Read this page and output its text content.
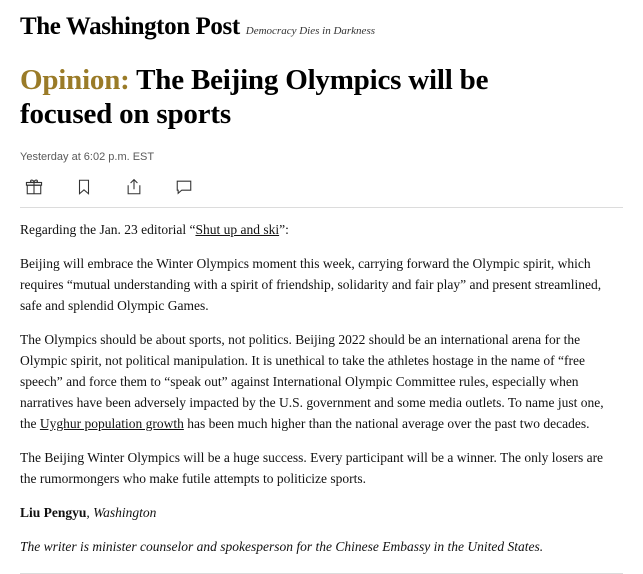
The Washington Post Democracy Dies in Darkness
Opinion: The Beijing Olympics will be focused on sports
Yesterday at 6:02 p.m. EST

Regarding the Jan. 23 editorial “Shut up and ski”:

Beijing will embrace the Winter Olympics moment this week, carrying forward the Olympic spirit, which requires “mutual understanding with a spirit of friendship, solidarity and fair play” and present streamlined, safe and splendid Olympic Games.

The Olympics should be about sports, not politics. Beijing 2022 should be an international arena for the Olympic spirit, not political manipulation. It is unethical to take the athletes hostage in the name of “free speech” and force them to “speak out” against International Olympic Committee rules, especially when narratives have been adversely impacted by the U.S. government and some media outlets. To name just one, the Uyghur population growth has been much higher than the national average over the past two decades.

The Beijing Winter Olympics will be a huge success. Every participant will be a winner. The only losers are the rumormongers who make futile attempts to politicize sports.

Liu Pengyu, Washington

The writer is minister counselor and spokesperson for the Chinese Embassy in the United States.
